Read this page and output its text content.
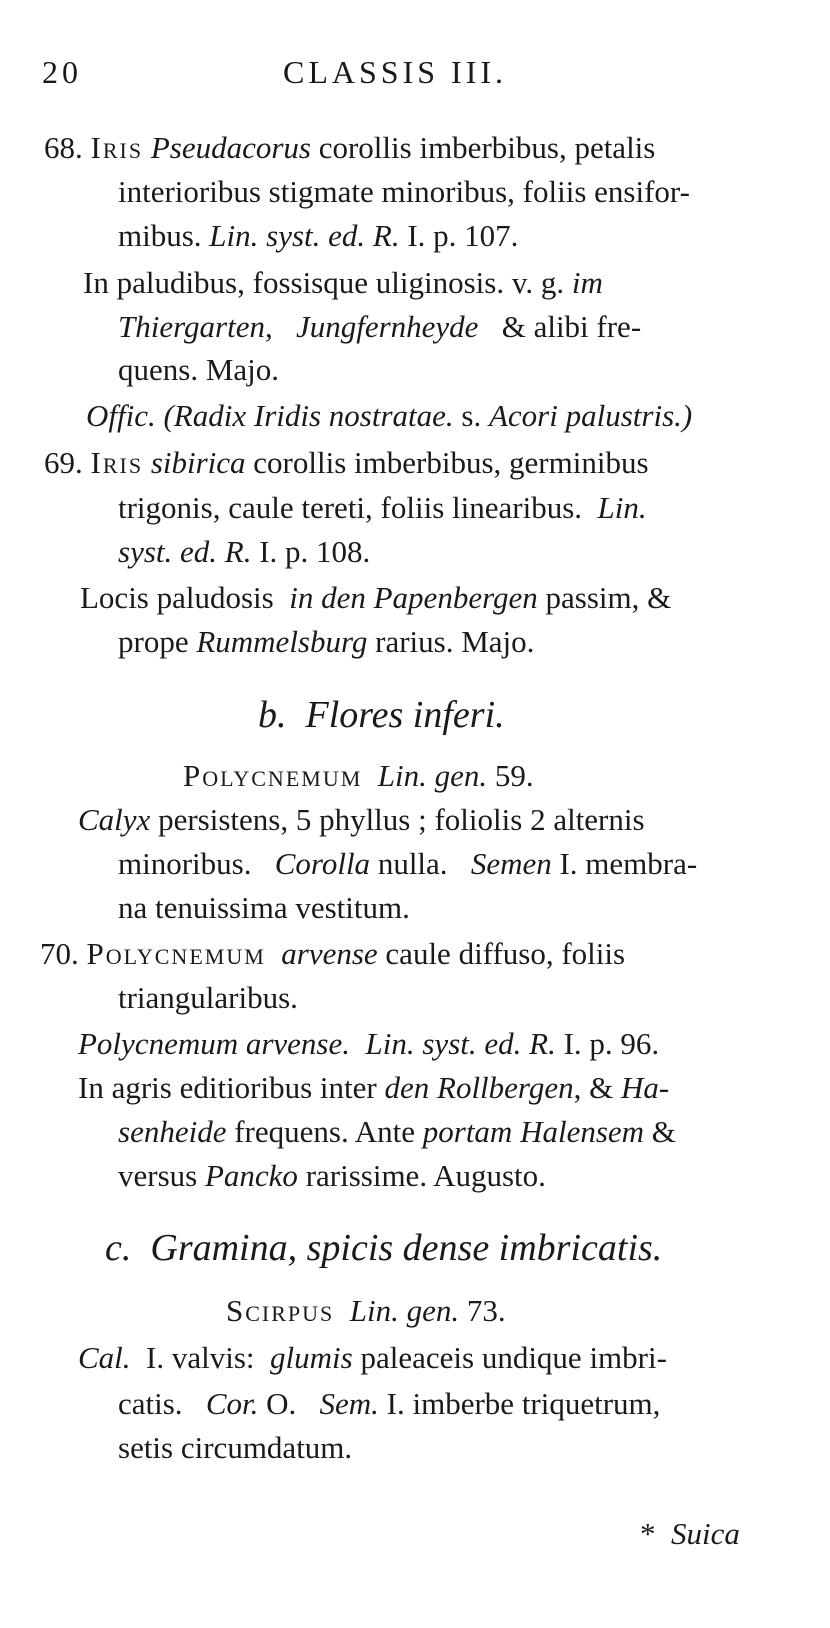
20	CLASSIS III.
68. Iris Pseudacorus corollis imberbibus, petalis
interioribus stigmate minoribus, foliis ensifor-
mibus. Lin. syst. ed. R. I. p. 107.
In paludibus, fossisque uliginosis. v. g. im
Thiergarten, Jungfernheyde & alibi fre-
quens. Majo.
Offic. (Radix Iridis nostratae. s. Acori palustris.)
69. Iris sibirica corollis imberbibus, germinibus
trigonis, caule tereti, foliis linearibus. Lin.
syst. ed. R. I. p. 108.
Locis paludosis in den Papenbergen passim, &
prope Rummelsburg rarius. Majo.
b. Flores inferi.
Polycnemum Lin. gen. 59.
Calyx persistens, 5 phyllus ; foliolis 2 alternis
minoribus. Corolla nulla. Semen I. membra-
na tenuissima vestitum.
70. Polycnemum arvense caule diffuso, foliis
triangularibus.
Polycnemum arvense. Lin. syst. ed. R. I. p. 96.
In agris editioribus inter den Rollbergen, & Ha-
senheide frequens. Ante portam Halensem &
versus Pancko rarissime. Augusto.
c. Gramina, spicis dense imbricatis.
Scirpus Lin. gen. 73.
Cal. I. valvis: glumis paleaceis undique imbri-
catis. Cor. O. Sem. I. imberbe triquetrum,
setis circumdatum.
* Suica
